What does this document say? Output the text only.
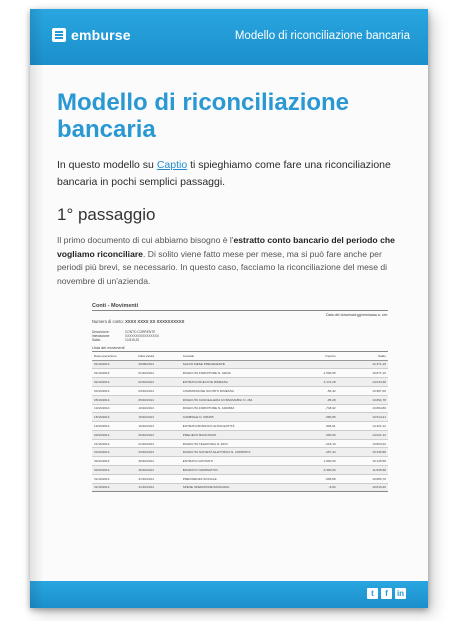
emburse	Modello di riconciliazione bancaria
Modello di riconciliazione bancaria

In questo modello su Captio ti spieghiamo come fare una riconciliazione bancaria in pochi semplici passaggi.

1° passaggio

Il primo documento di cui abbiamo bisogno è l'estratto conto bancario del periodo che vogliamo riconciliare. Di solito viene fatto mese per mese, ma si può fare anche per periodi più brevi, se necessario. In questo caso, facciamo la riconciliazione del mese di novembre di un'azienda.

Conti - Movimenti
Data del download:gg/mm/aaaa a. ore:
Numero di conto: XXXX XXXX XX XXXXXXXXXX
Descrizione:	CONTO CORRENTE
Intestazione:	XXXXXXXXXXXXXXXX
Saldo:	10.815,20
Lista dei movimenti
Data operazione	Data valuta	Causale	Importo	Saldo
01/10/2014	30/09/2014	SALDO MESE PRECEDENTE		12.371,15
01/10/2014	01/10/2014	RICEVUTA FORNITORE N. 32049	-1.500,05	10.871,10
02/10/2014	02/10/2014	ENTRATA RICEVUTE RIMESSA	3.172,28	14.043,38
03/10/2014	03/10/2014	COMMISSIONE SCONTO RIMESSA	-56,32	13.987,06
05/10/2014	05/10/2014	RICEVUTA CANCELLERIA CONSUMABILI N. 264	-95,28	13.891,78
10/10/2014	10/10/2014	RICEVUTA FORNITORE N. A002663	-748,92	13.894,86
15/10/2014	15/10/2014	CAMBIALE N. 003455	-380,65	13.514,21
19/10/2014	19/10/2014	ENTRATA BONIFICO ALTRA ENTITÀ	806,91	14.321,12
20/10/2014	20/10/2014	PRELIEVO BANCOMAT	-300,00	14.021,12
21/10/2014	21/10/2014	RICEVUTA TELEFONIA N. 4623	-218,10	13.803,02
23/10/2014	23/10/2014	RICEVUTA SOCIETÀ ELETTRICA N. 223587872	-457,44	13.345,58
30/10/2014	30/10/2014	ENTRATA CONTANTI	1.800,00	15.145,58
30/10/2014	30/10/2014	BONIFICO NOMINATIVO	-3.300,00	11.845,58
31/10/2014	31/10/2014	PREVIDENZA SOCIALE	-958,88	10.886,70
31/10/2014	31/10/2014	SPESE SPEDIZIONE BANCARIA	-8,84	10.815,20
t	f	in
